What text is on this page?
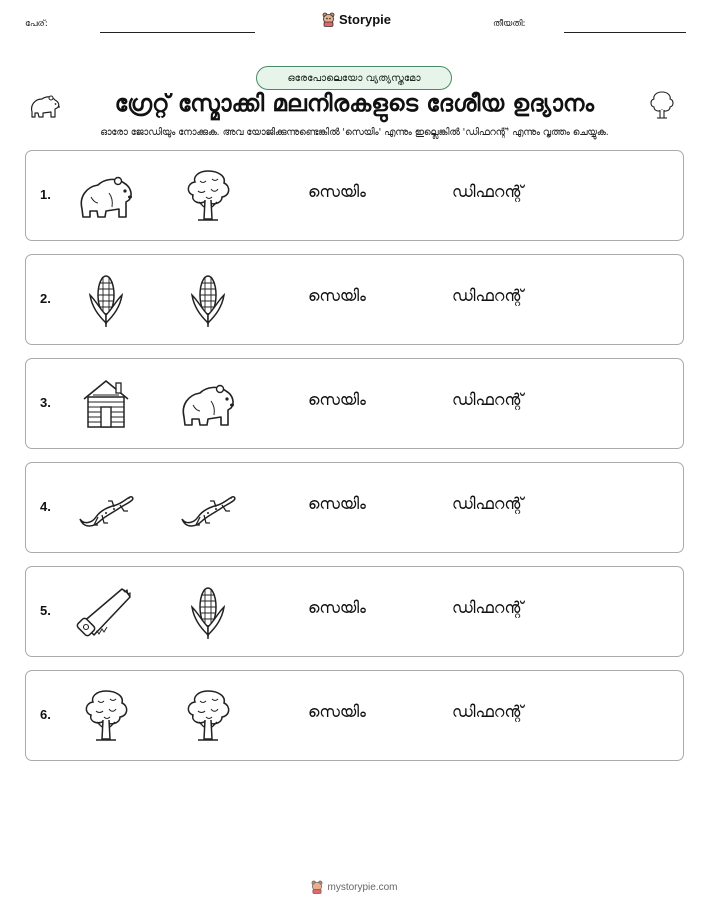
പേര്:	Storypie	തീയതി:
ഒരേപോലെയോ വ്യത്യസ്തമോ
ഗ്രേറ്റ് സ്മോക്കി മലനിരകളുടെ ദേശീയ ഉദ്യാനം
ഓരോ ജോഡിയും നോക്കുക. അവ യോജിക്കുന്നുണ്ടെങ്കിൽ 'സെയിം' എന്നും ഇല്ലെങ്കിൽ 'ഡിഫറന്റ്' എന്നും വൃത്തം ചെയ്യുക.
1.	സെയിം	ഡിഫറന്റ്
2.	സെയിം	ഡിഫറന്റ്
3.	സെയിം	ഡിഫറന്റ്
4.	സെയിം	ഡിഫറന്റ്
5.	സെയിം	ഡിഫറന്റ്
6.	സെയിം	ഡിഫറന്റ്
mystorypie.com
